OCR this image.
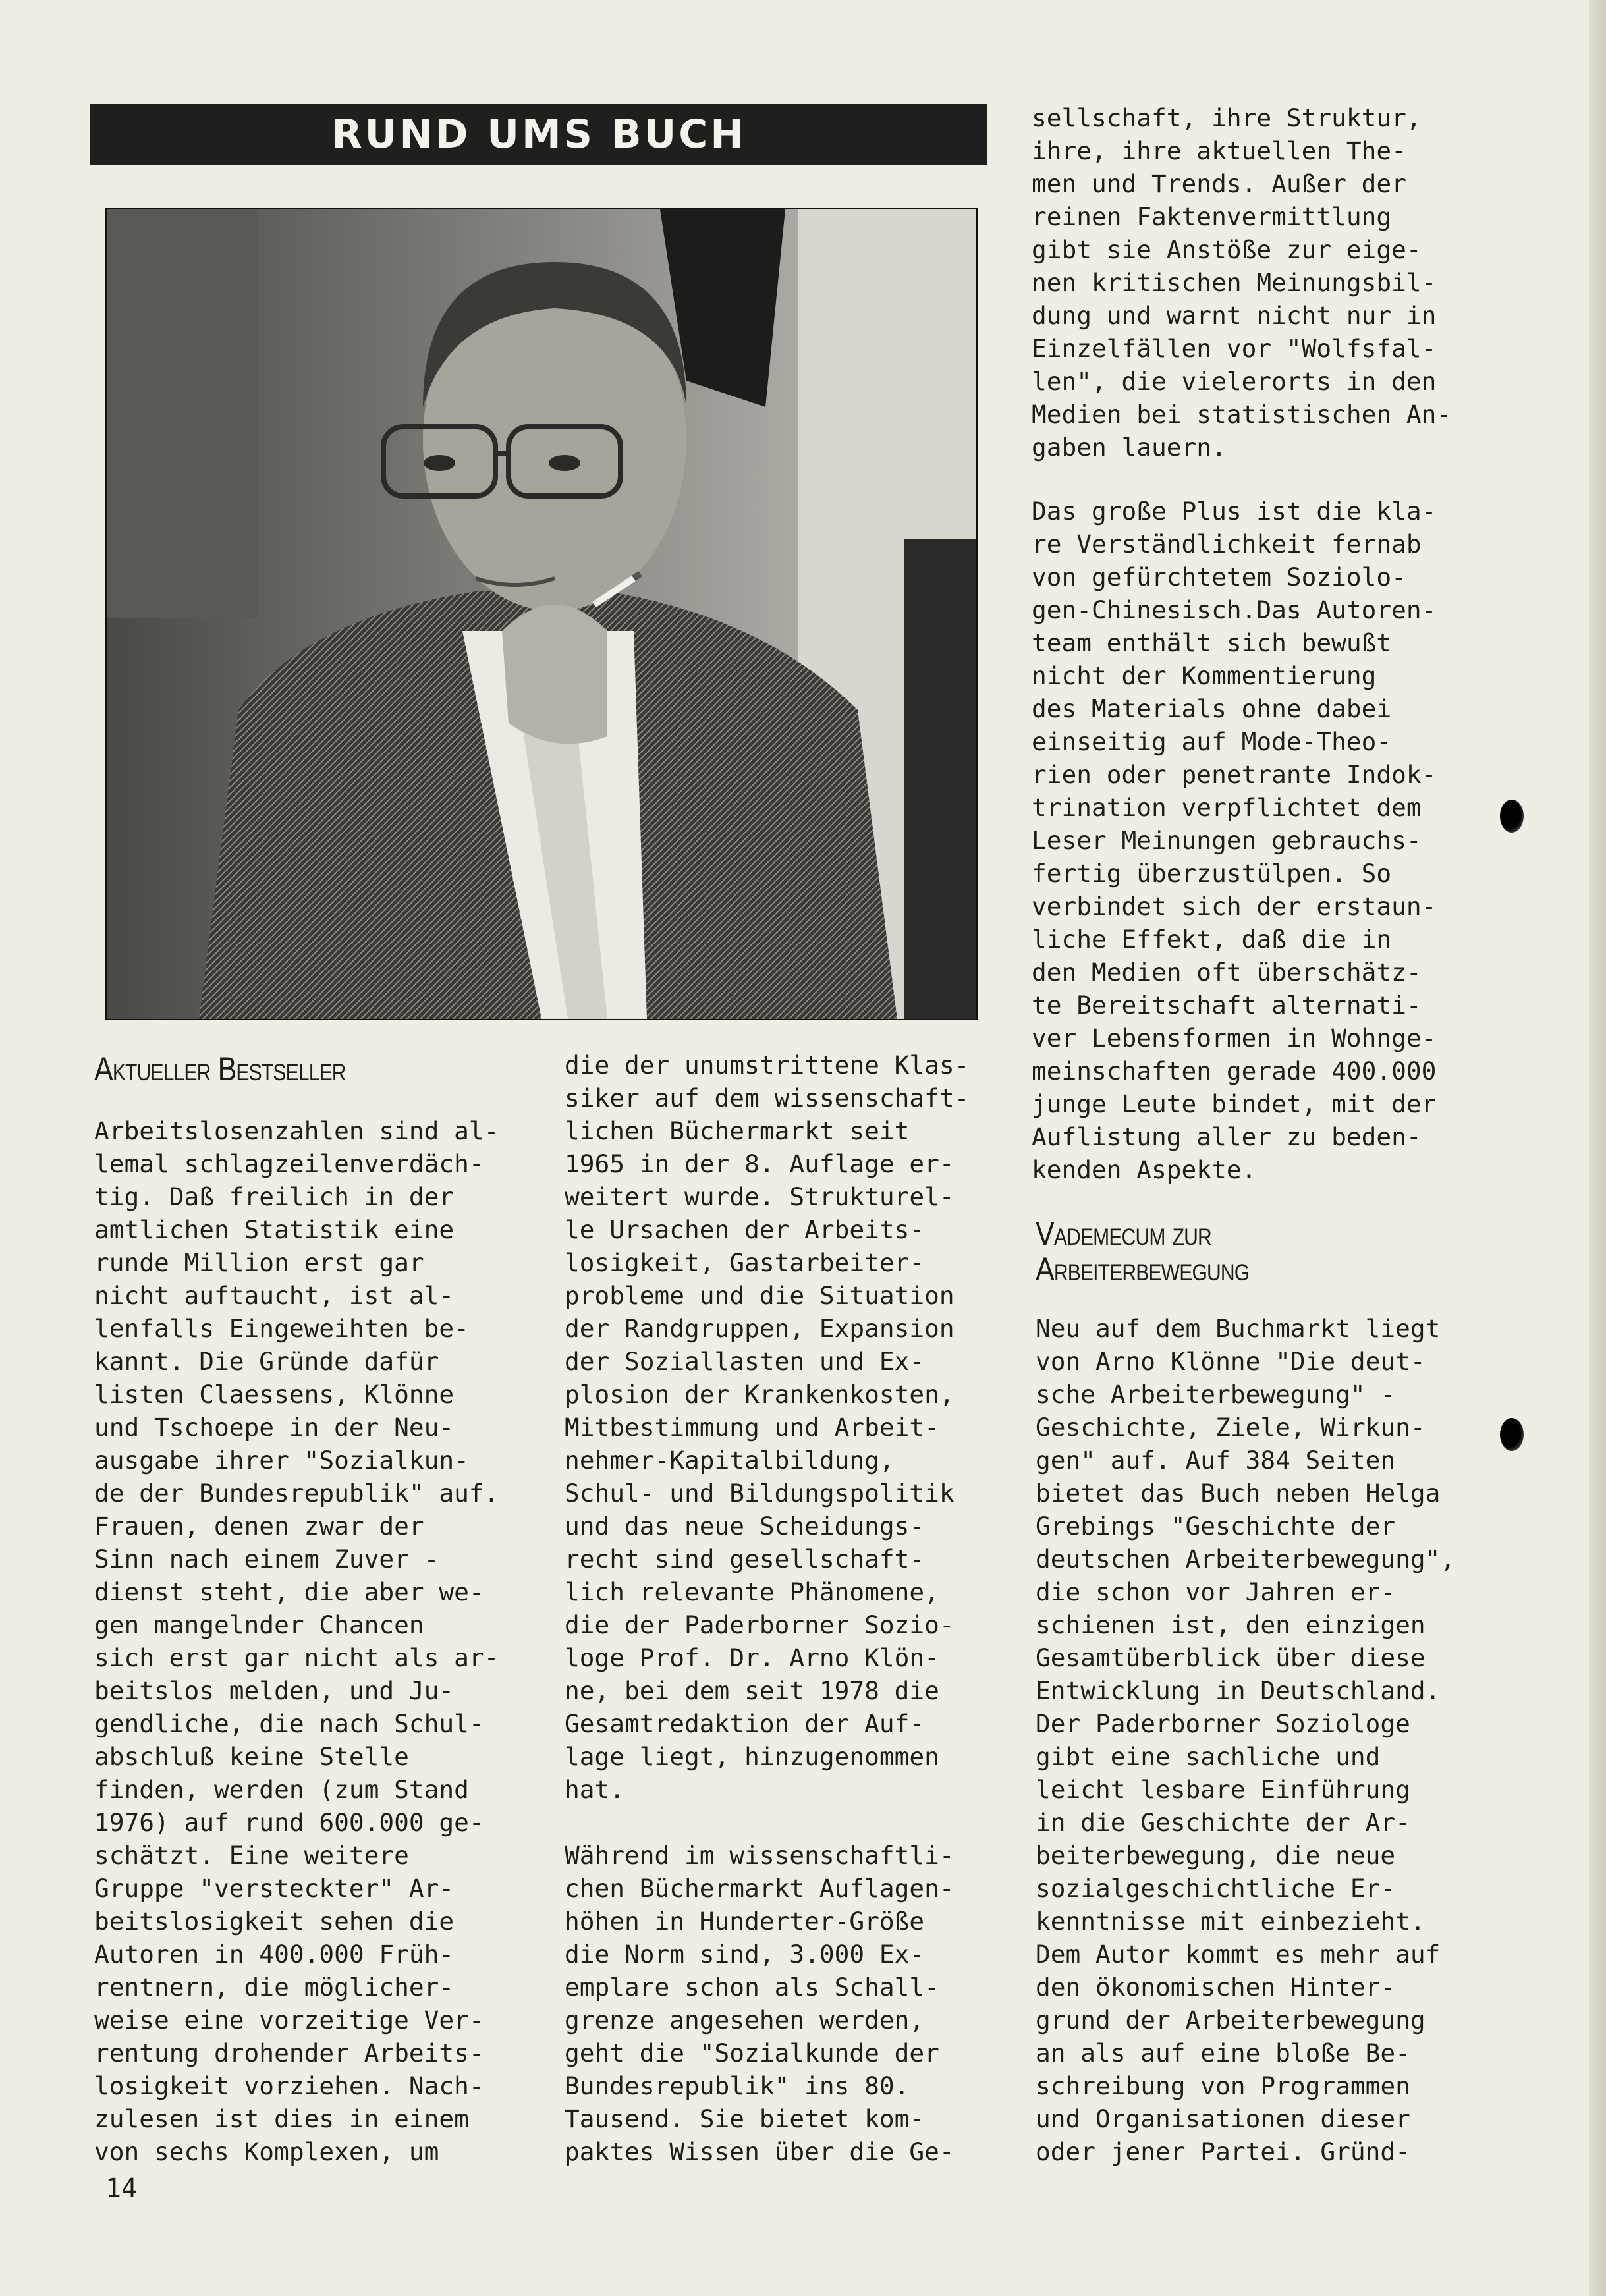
RUND UMS BUCH
Aktueller Bestseller
Arbeitslosenzahlen sind al-
lemal schlagzeilenverdäch-
tig. Daß freilich in der
amtlichen Statistik eine
runde Million erst gar
nicht auftaucht, ist al-
lenfalls Eingeweihten be-
kannt. Die Gründe dafür
listen Claessens, Klönne
und Tschoepe in der Neu-
ausgabe ihrer "Sozialkun-
de der Bundesrepublik" auf.
Frauen, denen zwar der
Sinn nach einem Zuver -
dienst steht, die aber we-
gen mangelnder Chancen
sich erst gar nicht als ar-
beitslos melden, und Ju-
gendliche, die nach Schul-
abschluß keine Stelle
finden, werden (zum Stand
1976) auf rund 600.000 ge-
schätzt. Eine weitere
Gruppe "versteckter" Ar-
beitslosigkeit sehen die
Autoren in 400.000 Früh-
rentnern, die möglicher-
weise eine vorzeitige Ver-
rentung drohender Arbeits-
losigkeit vorziehen. Nach-
zulesen ist dies in einem
von sechs Komplexen, um
die der unumstrittene Klas-
siker auf dem wissenschaft-
lichen Büchermarkt seit
1965 in der 8. Auflage er-
weitert wurde. Strukturel-
le Ursachen der Arbeits-
losigkeit, Gastarbeiter-
probleme und die Situation
der Randgruppen, Expansion
der Soziallasten und Ex-
plosion der Krankenkosten,
Mitbestimmung und Arbeit-
nehmer-Kapitalbildung,
Schul- und Bildungspolitik
und das neue Scheidungs-
recht sind gesellschaft-
lich relevante Phänomene,
die der Paderborner Sozio-
loge Prof. Dr. Arno Klön-
ne, bei dem seit 1978 die
Gesamtredaktion der Auf-
lage liegt, hinzugenommen
hat.

Während im wissenschaftli-
chen Büchermarkt Auflagen-
höhen in Hunderter-Größe
die Norm sind, 3.000 Ex-
emplare schon als Schall-
grenze angesehen werden,
geht die "Sozialkunde der
Bundesrepublik" ins 80.
Tausend. Sie bietet kom-
paktes Wissen über die Ge-
sellschaft, ihre Struktur,
ihre, ihre aktuellen The-
men und Trends. Außer der
reinen Faktenvermittlung
gibt sie Anstöße zur eige-
nen kritischen Meinungsbil-
dung und warnt nicht nur in
Einzelfällen vor "Wolfsfal-
len", die vielerorts in den
Medien bei statistischen An-
gaben lauern.
Das große Plus ist die kla-
re Verständlichkeit fernab
von gefürchtetem Soziolo-
gen-Chinesisch.Das Autoren-
team enthält sich bewußt
nicht der Kommentierung
des Materials ohne dabei
einseitig auf Mode-Theo-
rien oder penetrante Indok-
trination verpflichtet dem
Leser Meinungen gebrauchs-
fertig überzustülpen. So
verbindet sich der erstaun-
liche Effekt, daß die in
den Medien oft überschätz-
te Bereitschaft alternati-
ver Lebensformen in Wohnge-
meinschaften gerade 400.000
junge Leute bindet, mit der
Auflistung aller zu beden-
kenden Aspekte.
Vademecum zur
Arbeiterbewegung
Neu auf dem Buchmarkt liegt
von Arno Klönne "Die deut-
sche Arbeiterbewegung" -
Geschichte, Ziele, Wirkun-
gen" auf. Auf 384 Seiten
bietet das Buch neben Helga
Grebings "Geschichte der
deutschen Arbeiterbewegung",
die schon vor Jahren er-
schienen ist, den einzigen
Gesamtüberblick über diese
Entwicklung in Deutschland.
Der Paderborner Soziologe
gibt eine sachliche und
leicht lesbare Einführung
in die Geschichte der Ar-
beiterbewegung, die neue
sozialgeschichtliche Er-
kenntnisse mit einbezieht.
Dem Autor kommt es mehr auf
den ökonomischen Hinter-
grund der Arbeiterbewegung
an als auf eine bloße Be-
schreibung von Programmen
und Organisationen dieser
oder jener Partei. Gründ-
14
